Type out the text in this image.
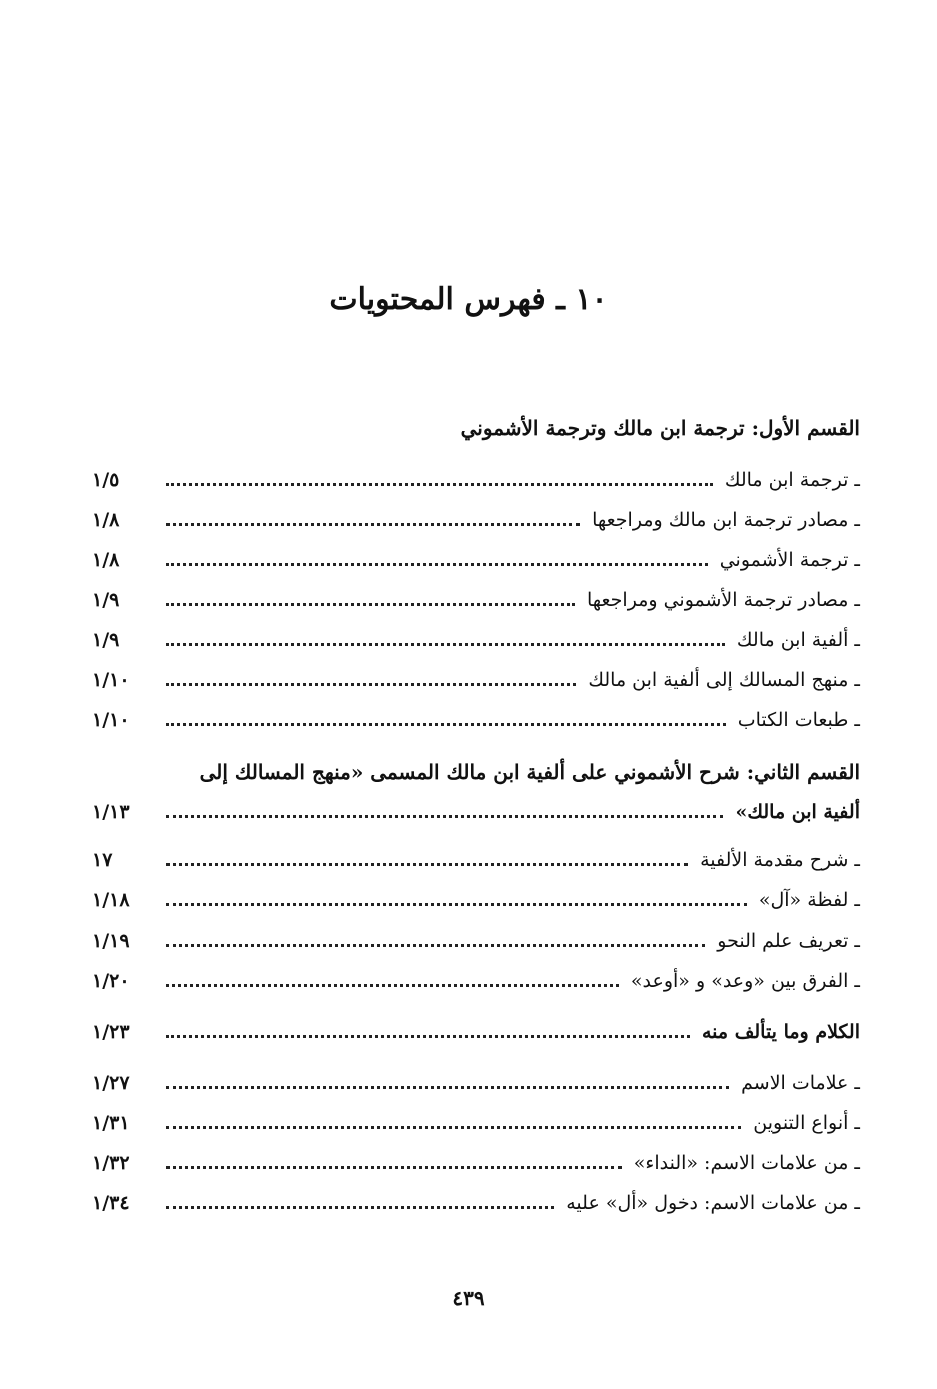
١٠ ـ فهرس المحتويات
القسم الأول: ترجمة ابن مالك وترجمة الأشموني
ـ ترجمة ابن مالك
١/٥
ـ مصادر ترجمة ابن مالك ومراجعها
١/٨
ـ ترجمة الأشموني
١/٨
ـ مصادر ترجمة الأشموني ومراجعها
١/٩
ـ ألفية ابن مالك
١/٩
ـ منهج المسالك إلى ألفية ابن مالك
١/١٠
ـ طبعات الكتاب
١/١٠
القسم الثاني: شرح الأشموني على ألفية ابن مالك المسمى «منهج المسالك إلى
ألفية ابن مالك»
١/١٣
ـ شرح مقدمة الألفية
١٧
ـ لفظة «آل»
١/١٨
ـ تعريف علم النحو
١/١٩
ـ الفرق بين «وعد» و «أوعد»
١/٢٠
الكلام وما يتألف منه
١/٢٣
ـ علامات الاسم
١/٢٧
ـ أنواع التنوين
١/٣١
ـ من علامات الاسم: «النداء»
١/٣٢
ـ من علامات الاسم: دخول «أل» عليه
١/٣٤
٤٣٩
